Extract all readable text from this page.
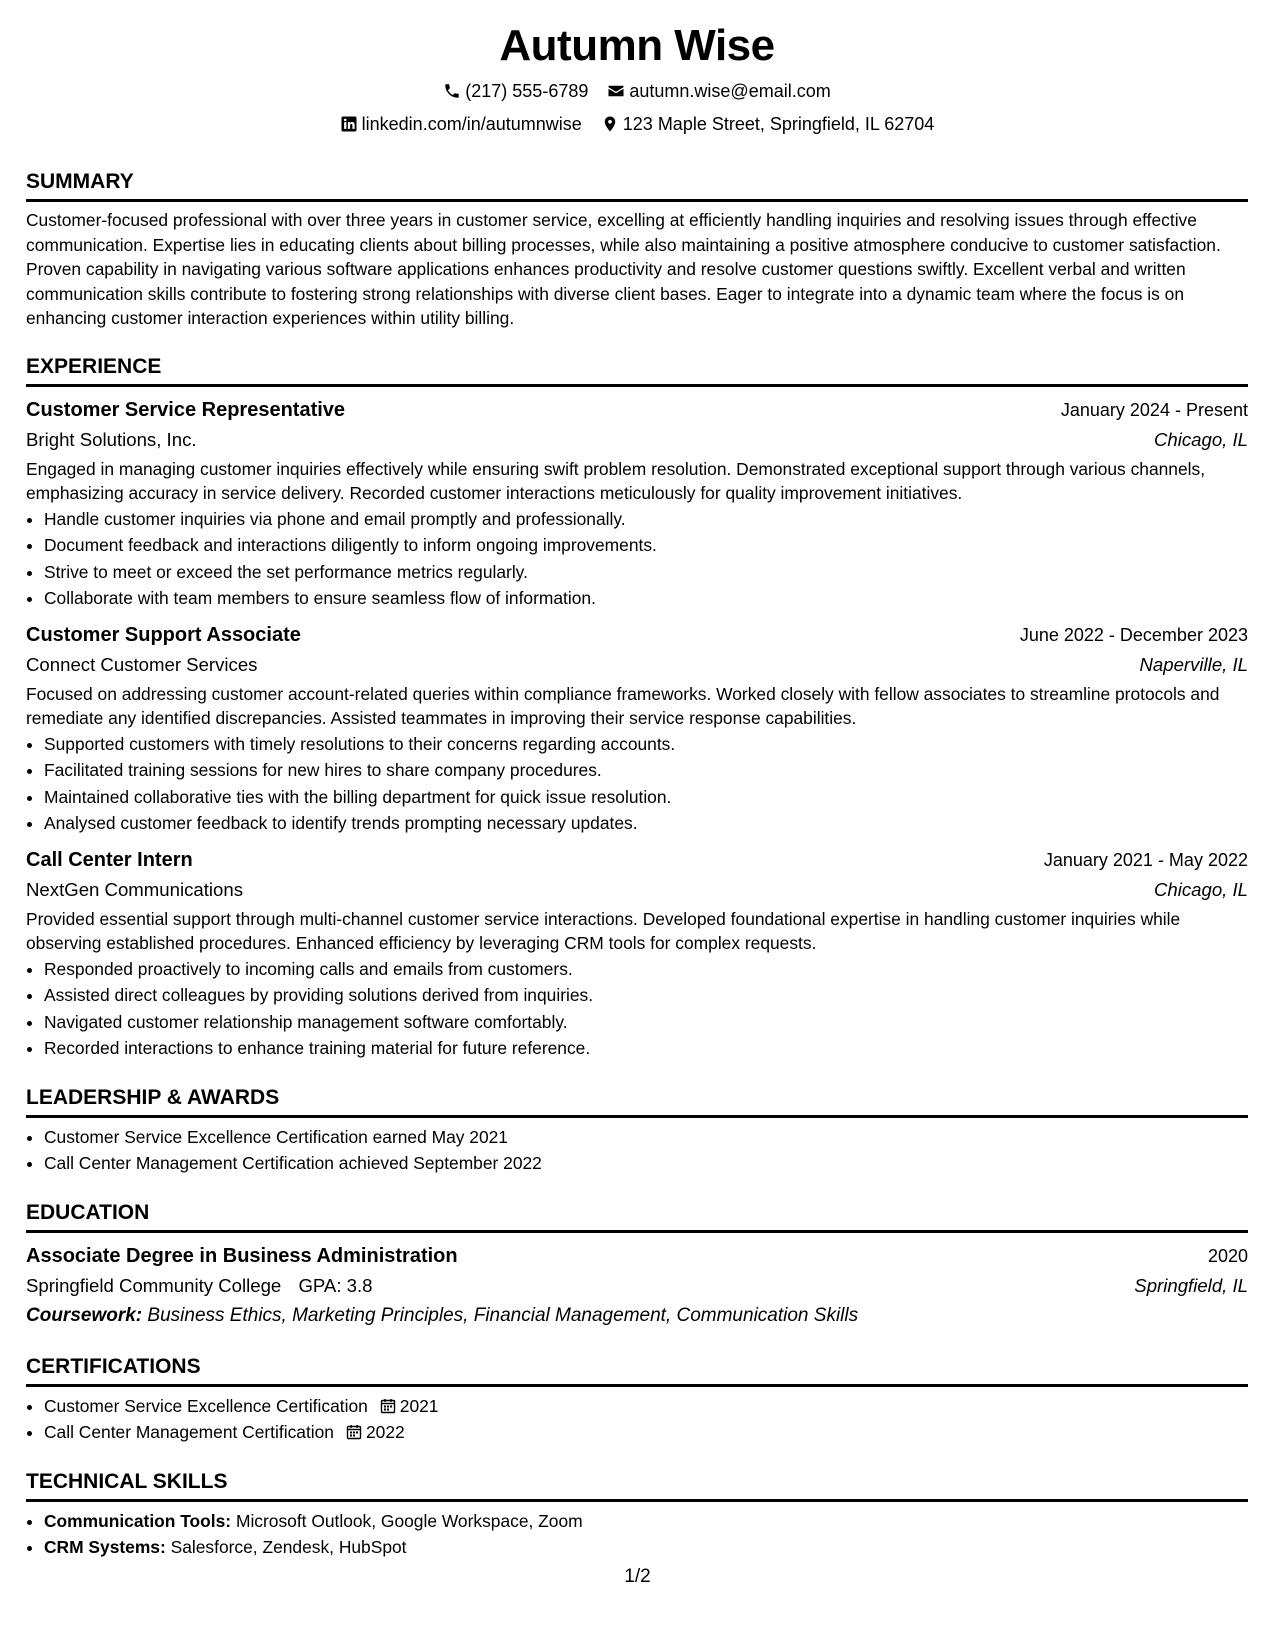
Autumn Wise
(217) 555-6789
autumn.wise@email.com
linkedin.com/in/autumnwise
123 Maple Street, Springfield, IL 62704
SUMMARY

Customer-focused professional with over three years in customer service, excelling at efficiently handling inquiries and resolving issues through effective communication. Expertise lies in educating clients about billing processes, while also maintaining a positive atmosphere conducive to customer satisfaction. Proven capability in navigating various software applications enhances productivity and resolve customer questions swiftly. Excellent verbal and written communication skills contribute to fostering strong relationships with diverse client bases. Eager to integrate into a dynamic team where the focus is on enhancing customer interaction experiences within utility billing.

EXPERIENCE
Customer Service Representative	January 2024 - Present
Bright Solutions, Inc.	Chicago, IL

Engaged in managing customer inquiries effectively while ensuring swift problem resolution. Demonstrated exceptional support through various channels, emphasizing accuracy in service delivery. Recorded customer interactions meticulously for quality improvement initiatives.

• Handle customer inquiries via phone and email promptly and professionally.
• Document feedback and interactions diligently to inform ongoing improvements.
• Strive to meet or exceed the set performance metrics regularly.
• Collaborate with team members to ensure seamless flow of information.
Customer Support Associate	June 2022 - December 2023
Connect Customer Services	Naperville, IL

Focused on addressing customer account-related queries within compliance frameworks. Worked closely with fellow associates to streamline protocols and remediate any identified discrepancies. Assisted teammates in improving their service response capabilities.

• Supported customers with timely resolutions to their concerns regarding accounts.
• Facilitated training sessions for new hires to share company procedures.
• Maintained collaborative ties with the billing department for quick issue resolution.
• Analysed customer feedback to identify trends prompting necessary updates.
Call Center Intern	January 2021 - May 2022
NextGen Communications	Chicago, IL

Provided essential support through multi-channel customer service interactions. Developed foundational expertise in handling customer inquiries while observing established procedures. Enhanced efficiency by leveraging CRM tools for complex requests.

• Responded proactively to incoming calls and emails from customers.
• Assisted direct colleagues by providing solutions derived from inquiries.
• Navigated customer relationship management software comfortably.
• Recorded interactions to enhance training material for future reference.
LEADERSHIP & AWARDS
• Customer Service Excellence Certification earned May 2021
• Call Center Management Certification achieved September 2022
EDUCATION
Associate Degree in Business Administration	2020
Springfield Community College GPA: 3.8	Springfield, IL
Coursework: Business Ethics, Marketing Principles, Financial Management, Communication Skills
CERTIFICATIONS
• Customer Service Excellence Certification 2021
• Call Center Management Certification 2022
TECHNICAL SKILLS
• Communication Tools: Microsoft Outlook, Google Workspace, Zoom
• CRM Systems: Salesforce, Zendesk, HubSpot
1/2
